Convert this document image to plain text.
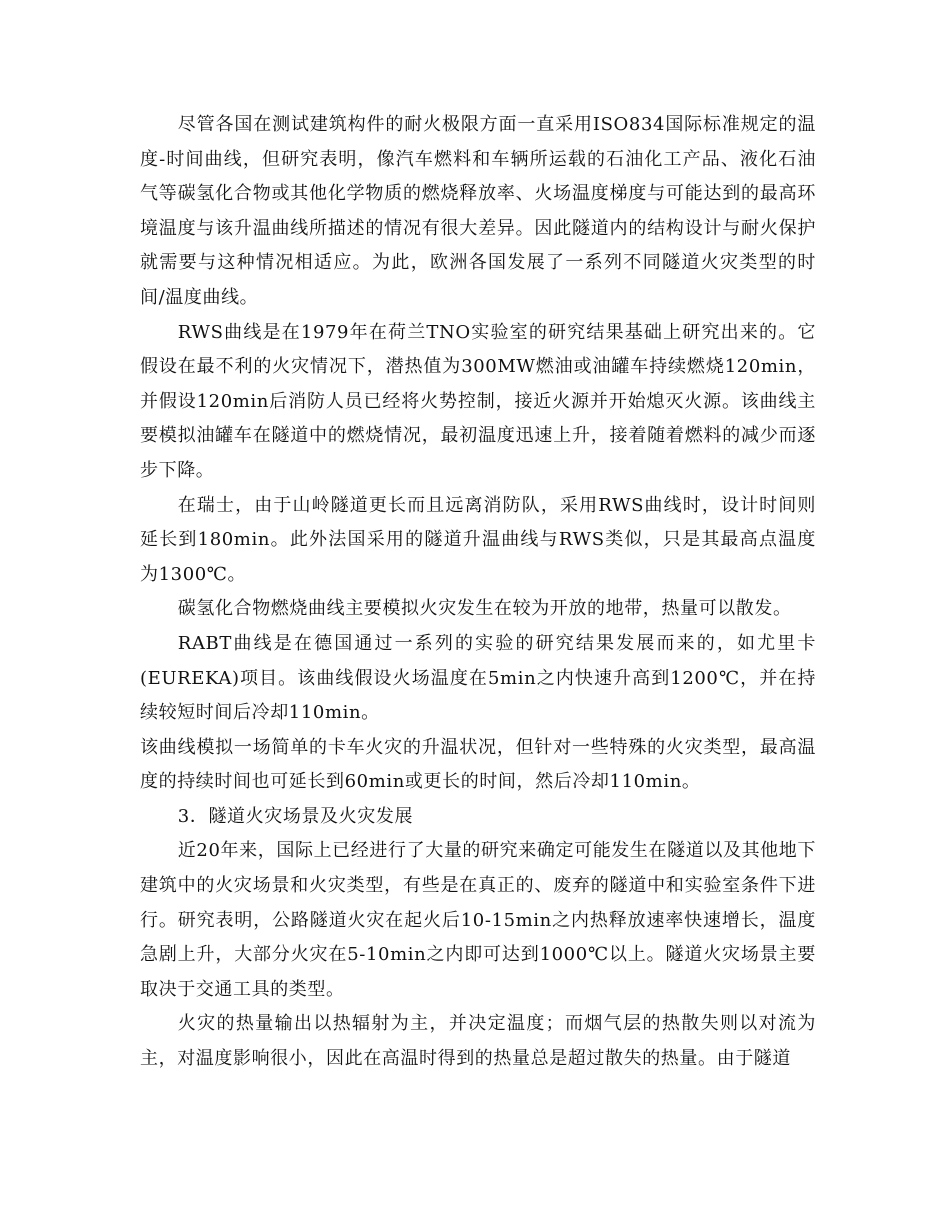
尽管各国在测试建筑构件的耐火极限方面一直采用ISO834国际标准规定的温度-时间曲线，但研究表明，像汽车燃料和车辆所运载的石油化工产品、液化石油气等碳氢化合物或其他化学物质的燃烧释放率、火场温度梯度与可能达到的最高环境温度与该升温曲线所描述的情况有很大差异。因此隧道内的结构设计与耐火保护就需要与这种情况相适应。为此，欧洲各国发展了一系列不同隧道火灾类型的时间/温度曲线。

RWS曲线是在1979年在荷兰TNO实验室的研究结果基础上研究出来的。它假设在最不利的火灾情况下，潜热值为300MW燃油或油罐车持续燃烧120min，并假设120min后消防人员已经将火势控制，接近火源并开始熄灭火源。该曲线主要模拟油罐车在隧道中的燃烧情况，最初温度迅速上升，接着随着燃料的减少而逐步下降。

在瑞士，由于山岭隧道更长而且远离消防队，采用RWS曲线时，设计时间则延长到180min。此外法国采用的隧道升温曲线与RWS类似，只是其最高点温度为1300℃。

碳氢化合物燃烧曲线主要模拟火灾发生在较为开放的地带，热量可以散发。

RABT曲线是在德国通过一系列的实验的研究结果发展而来的，如尤里卡(EUREKA)项目。该曲线假设火场温度在5min之内快速升高到1200℃，并在持续较短时间后冷却110min。

该曲线模拟一场简单的卡车火灾的升温状况，但针对一些特殊的火灾类型，最高温度的持续时间也可延长到60min或更长的时间，然后冷却110min。

3．隧道火灾场景及火灾发展

近20年来，国际上已经进行了大量的研究来确定可能发生在隧道以及其他地下建筑中的火灾场景和火灾类型，有些是在真正的、废弃的隧道中和实验室条件下进行。研究表明，公路隧道火灾在起火后10-15min之内热释放速率快速增长，温度急剧上升，大部分火灾在5-10min之内即可达到1000℃以上。隧道火灾场景主要取决于交通工具的类型。

火灾的热量输出以热辐射为主，并决定温度；而烟气层的热散失则以对流为主，对温度影响很小，因此在高温时得到的热量总是超过散失的热量。由于隧道
